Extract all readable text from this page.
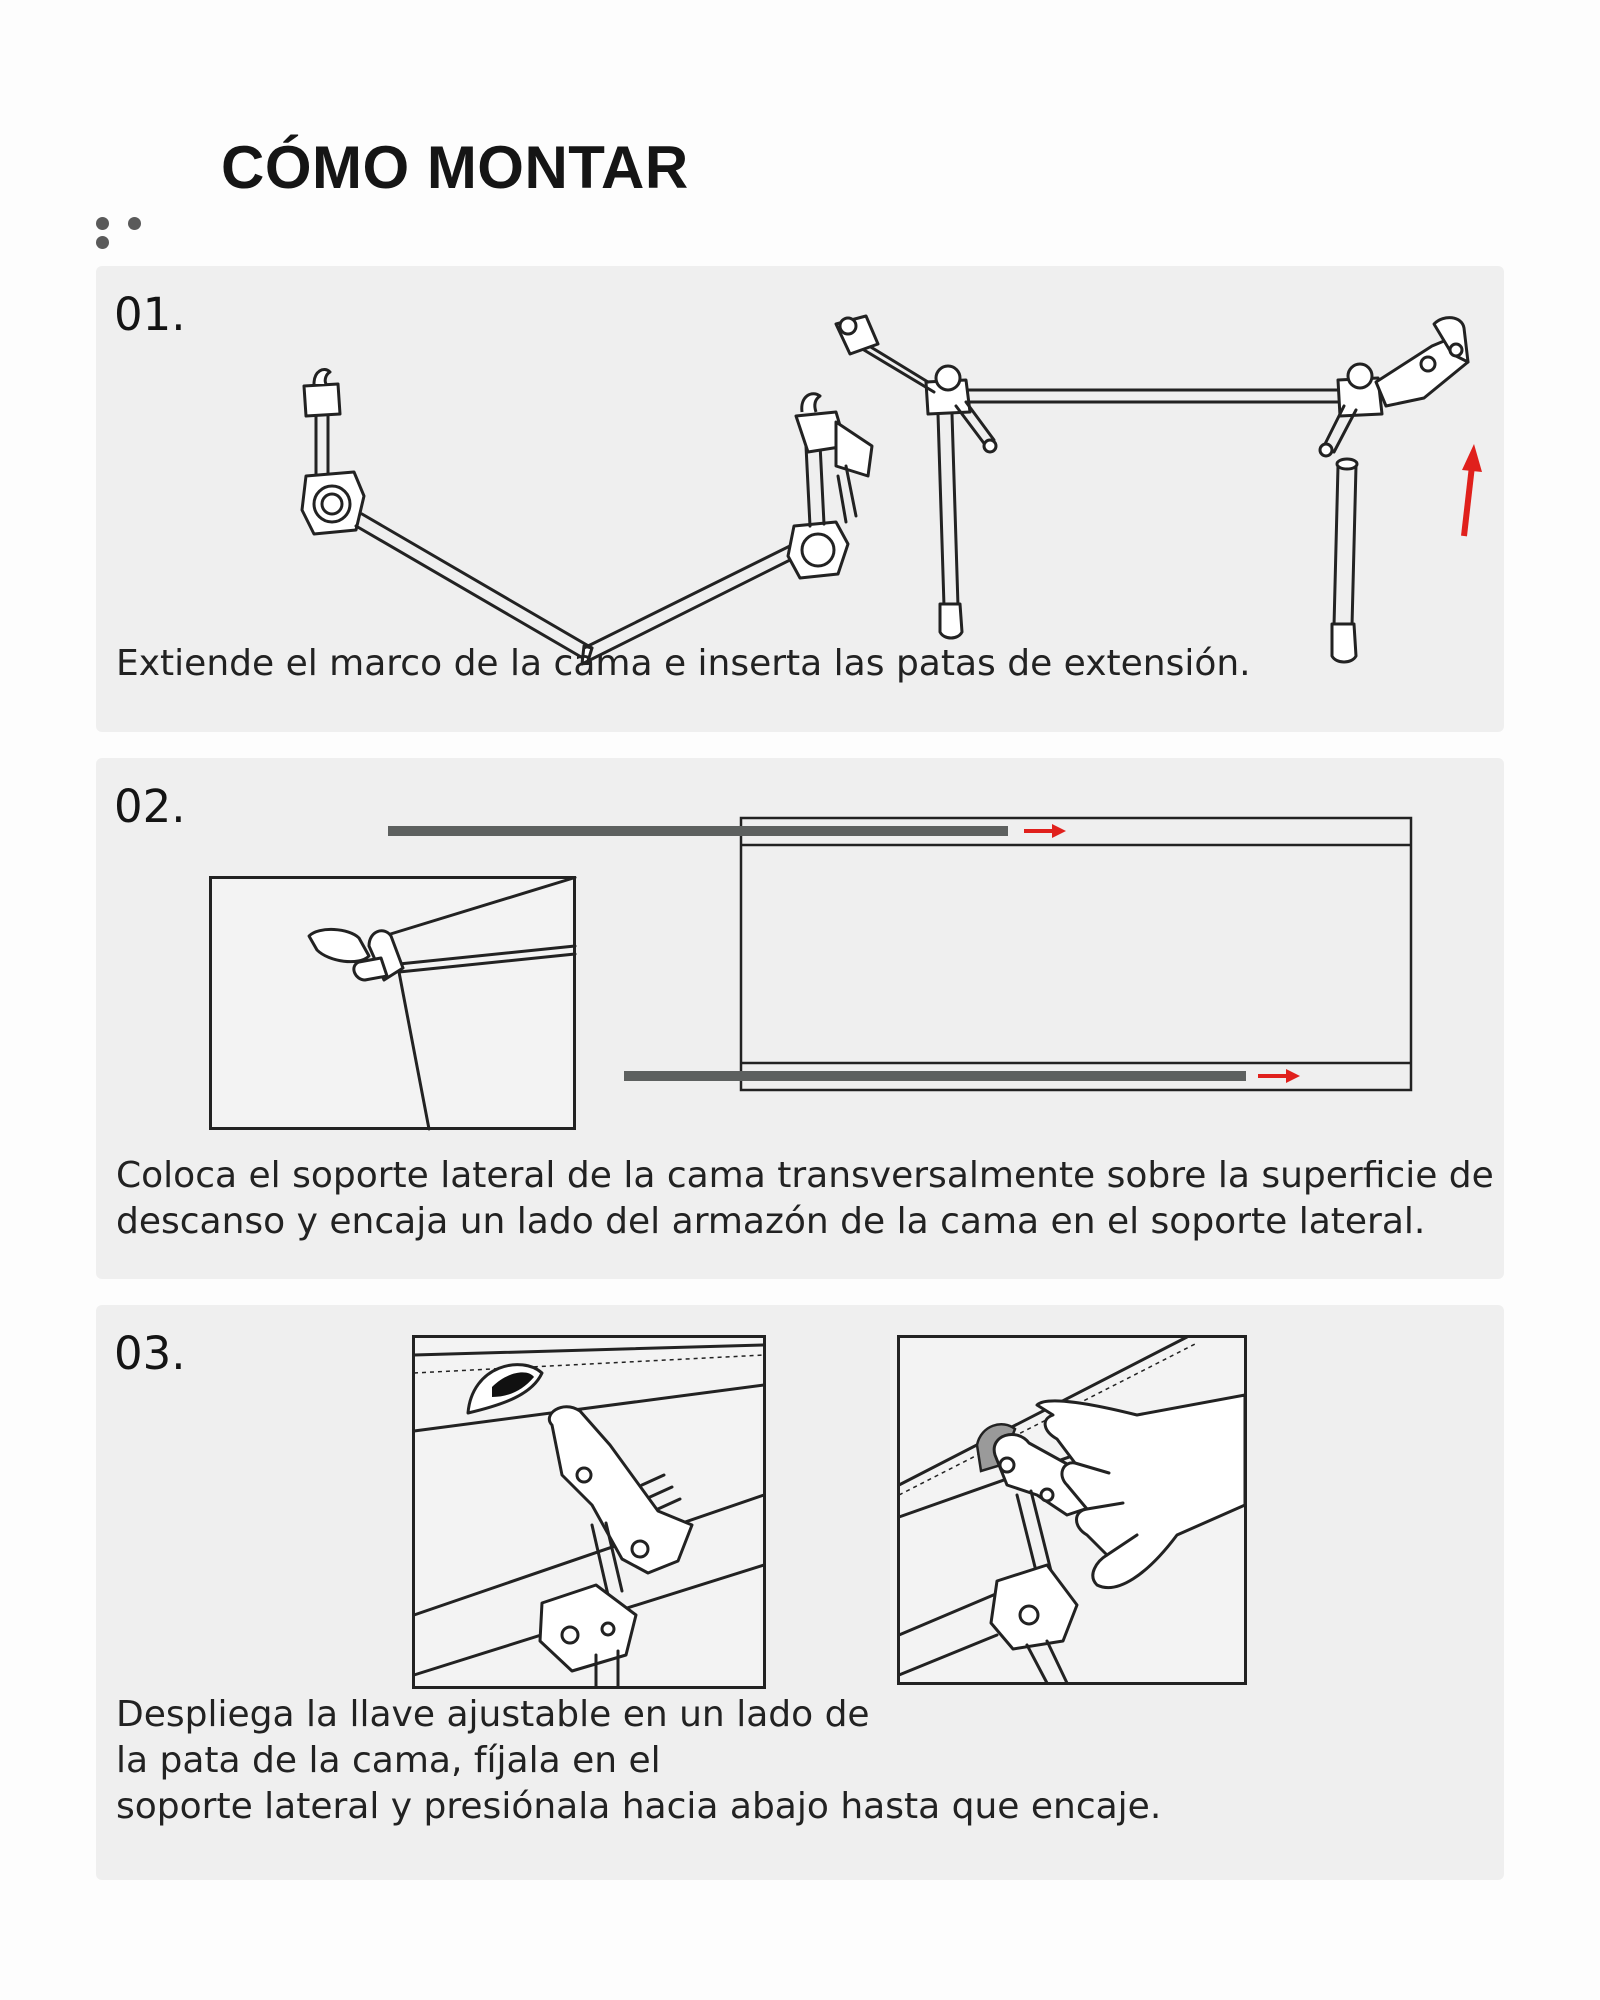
CÓMO MONTAR
01.
Extiende el marco de la cama e inserta las patas de extensión.
02.
Coloca el soporte lateral de la cama transversalmente sobre la superficie de descanso y encaja un lado del armazón de la cama en el soporte lateral.
03.
Despliega la llave ajustable en un lado de
la pata de la cama, fíjala en el
soporte lateral y presiónala hacia abajo hasta que encaje.
